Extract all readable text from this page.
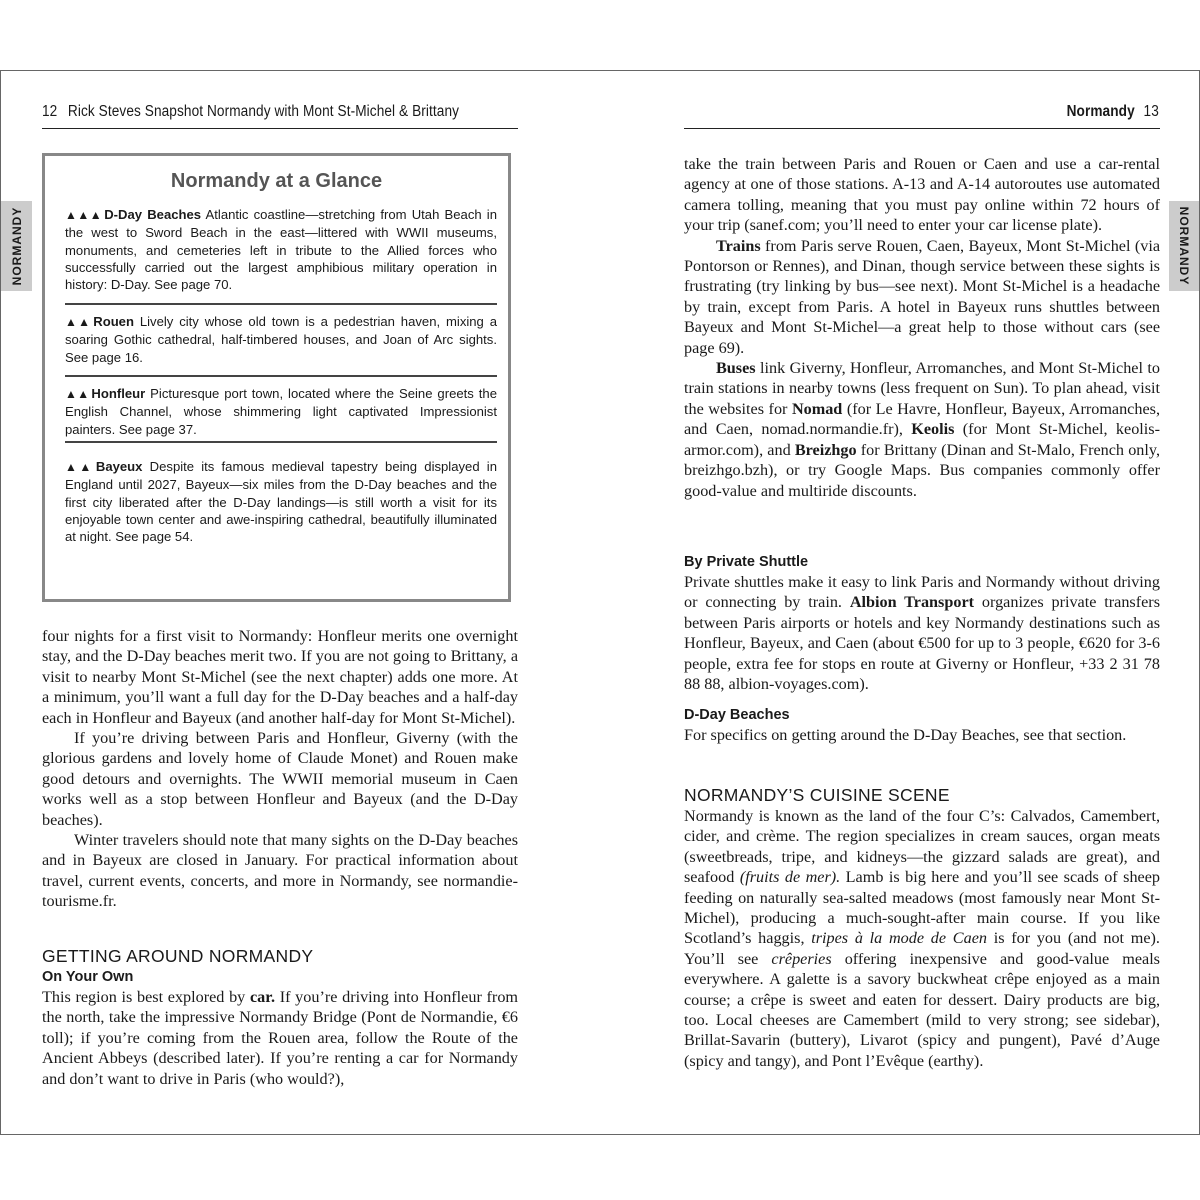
12 Rick Steves Snapshot Normandy with Mont St-Michel & Brittany
NORMANDY
Normandy at a Glance
▲▲▲ D-Day Beaches Atlantic coastline—stretching from Utah Beach in the west to Sword Beach in the east—littered with WWII museums, monuments, and cemeteries left in tribute to the Allied forces who successfully carried out the largest amphibious military operation in history: D-Day. See page 70.
▲▲ Rouen Lively city whose old town is a pedestrian haven, mixing a soaring Gothic cathedral, half-timbered houses, and Joan of Arc sights. See page 16.
▲▲ Honfleur Picturesque port town, located where the Seine greets the English Channel, whose shimmering light captivated Impressionist painters. See page 37.
▲▲ Bayeux Despite its famous medieval tapestry being displayed in England until 2027, Bayeux—six miles from the D-Day beaches and the first city liberated after the D-Day landings—is still worth a visit for its enjoyable town center and awe-inspiring cathedral, beautifully illuminated at night. See page 54.

four nights for a first visit to Normandy: Honfleur merits one overnight stay, and the D-Day beaches merit two. If you are not going to Brittany, a visit to nearby Mont St-Michel (see the next chapter) adds one more. At a minimum, you’ll want a full day for the D-Day beaches and a half-day each in Honfleur and Bayeux (and another half-day for Mont St-Michel).

If you’re driving between Paris and Honfleur, Giverny (with the glorious gardens and lovely home of Claude Monet) and Rouen make good detours and overnights. The WWII memorial museum in Caen works well as a stop between Honfleur and Bayeux (and the D-Day beaches).

Winter travelers should note that many sights on the D-Day beaches and in Bayeux are closed in January. For practical information about travel, current events, concerts, and more in Normandy, see normandie-tourisme.fr.

GETTING AROUND NORMANDY
On Your Own

This region is best explored by car. If you’re driving into Honfleur from the north, take the impressive Normandy Bridge (Pont de Normandie, €6 toll); if you’re coming from the Rouen area, follow the Route of the Ancient Abbeys (described later). If you’re renting a car for Normandy and don’t want to drive in Paris (who would?),

Normandy 13
NORMANDY

take the train between Paris and Rouen or Caen and use a car-rental agency at one of those stations. A-13 and A-14 autoroutes use automated camera tolling, meaning that you must pay online within 72 hours of your trip (sanef.com; you’ll need to enter your car license plate).

Trains from Paris serve Rouen, Caen, Bayeux, Mont St-Michel (via Pontorson or Rennes), and Dinan, though service between these sights is frustrating (try linking by bus—see next). Mont St-Michel is a headache by train, except from Paris. A hotel in Bayeux runs shuttles between Bayeux and Mont St-Michel—a great help to those without cars (see page 69).

Buses link Giverny, Honfleur, Arromanches, and Mont St-Michel to train stations in nearby towns (less frequent on Sun). To plan ahead, visit the websites for Nomad (for Le Havre, Honfleur, Bayeux, Arromanches, and Caen, nomad.normandie.fr), Keolis (for Mont St-Michel, keolis-armor.com), and Breizhgo for Brittany (Dinan and St-Malo, French only, breizhgo.bzh), or try Google Maps. Bus companies commonly offer good-value and multiride discounts.

By Private Shuttle

Private shuttles make it easy to link Paris and Normandy without driving or connecting by train. Albion Transport organizes private transfers between Paris airports or hotels and key Normandy destinations such as Honfleur, Bayeux, and Caen (about €500 for up to 3 people, €620 for 3-6 people, extra fee for stops en route at Giverny or Honfleur, +33 2 31 78 88 88, albion-voyages.com).

D-Day Beaches

For specifics on getting around the D-Day Beaches, see that section.

NORMANDY’S CUISINE SCENE

Normandy is known as the land of the four C’s: Calvados, Camembert, cider, and crème. The region specializes in cream sauces, organ meats (sweetbreads, tripe, and kidneys—the gizzard salads are great), and seafood (fruits de mer). Lamb is big here and you’ll see scads of sheep feeding on naturally sea-salted meadows (most famously near Mont St-Michel), producing a much-sought-after main course. If you like Scotland’s haggis, tripes à la mode de Caen is for you (and not me). You’ll see crêperies offering inexpensive and good-value meals everywhere. A galette is a savory buckwheat crêpe enjoyed as a main course; a crêpe is sweet and eaten for dessert. Dairy products are big, too. Local cheeses are Camembert (mild to very strong; see sidebar), Brillat-Savarin (buttery), Livarot (spicy and pungent), Pavé d’Auge (spicy and tangy), and Pont l’Evêque (earthy).
